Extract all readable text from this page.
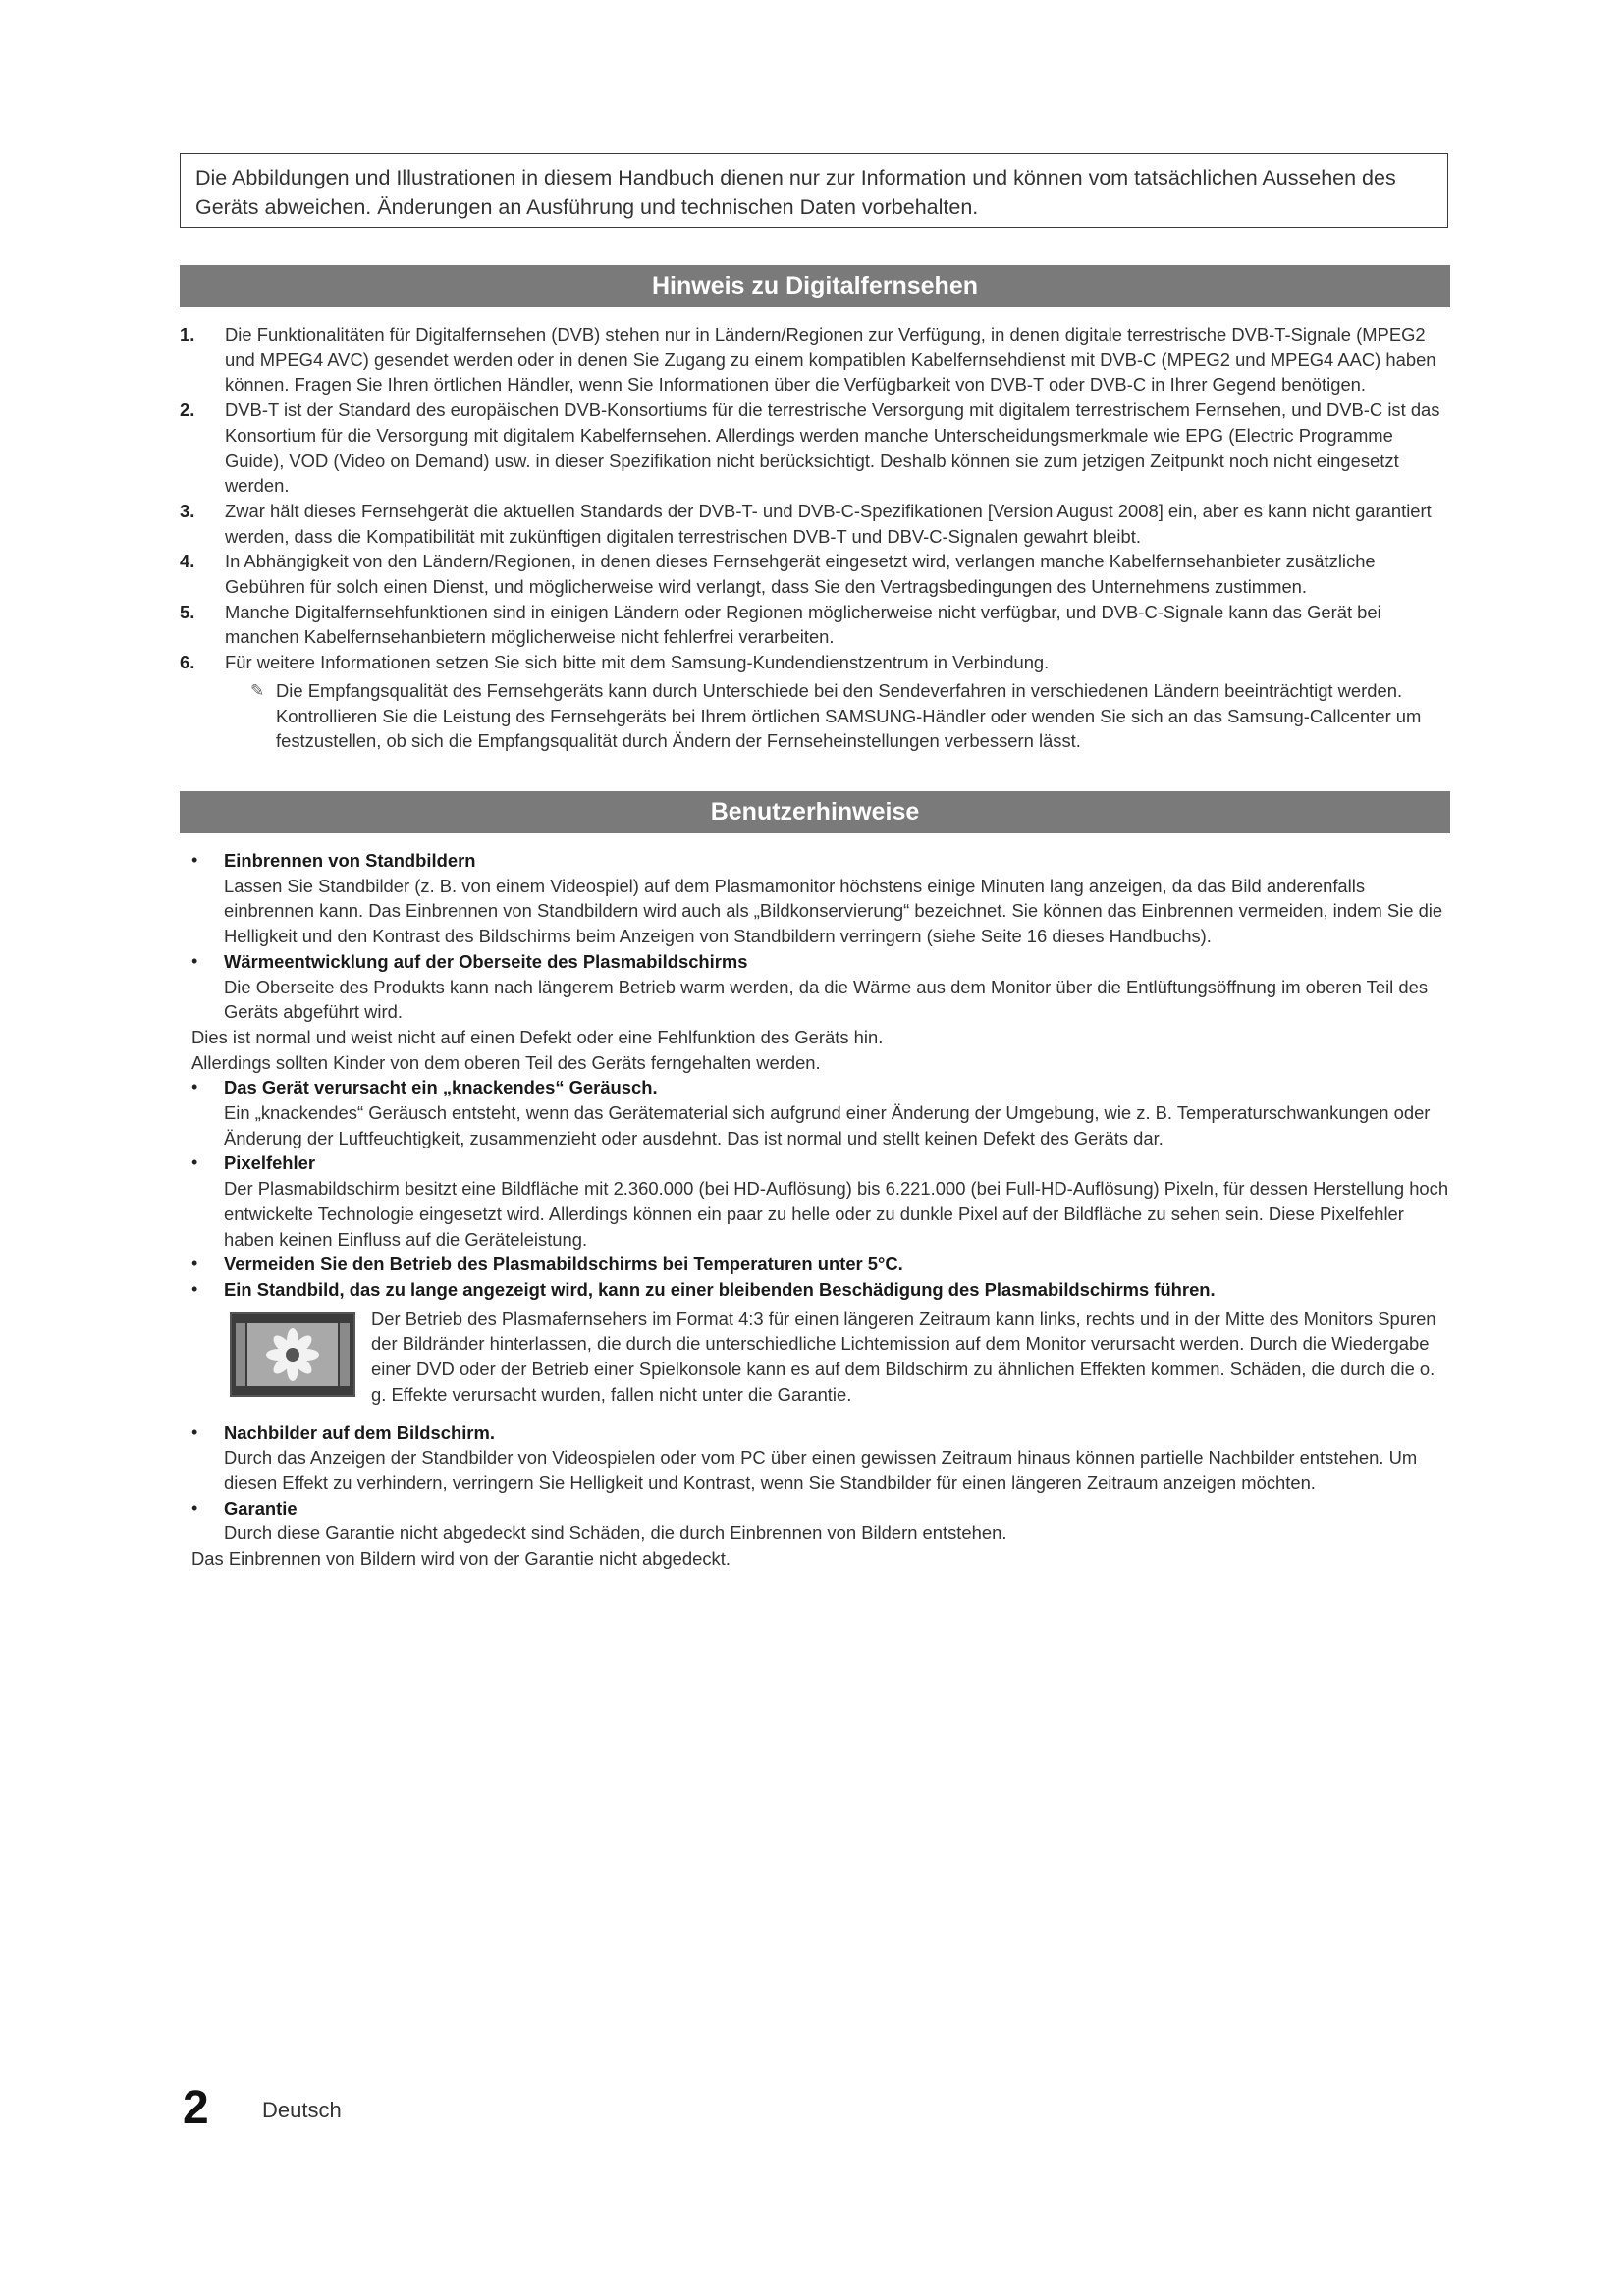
Die Abbildungen und Illustrationen in diesem Handbuch dienen nur zur Information und können vom tatsächlichen Aussehen des Geräts abweichen. Änderungen an Ausführung und technischen Daten vorbehalten.
Hinweis zu Digitalfernsehen
1. Die Funktionalitäten für Digitalfernsehen (DVB) stehen nur in Ländern/Regionen zur Verfügung, in denen digitale terrestrische DVB-T-Signale (MPEG2 und MPEG4 AVC) gesendet werden oder in denen Sie Zugang zu einem kompatiblen Kabelfernsehdienst mit DVB-C (MPEG2 und MPEG4 AAC) haben können. Fragen Sie Ihren örtlichen Händler, wenn Sie Informationen über die Verfügbarkeit von DVB-T oder DVB-C in Ihrer Gegend benötigen.
2. DVB-T ist der Standard des europäischen DVB-Konsortiums für die terrestrische Versorgung mit digitalem terrestrischem Fernsehen, und DVB-C ist das Konsortium für die Versorgung mit digitalem Kabelfernsehen. Allerdings werden manche Unterscheidungsmerkmale wie EPG (Electric Programme Guide), VOD (Video on Demand) usw. in dieser Spezifikation nicht berücksichtigt. Deshalb können sie zum jetzigen Zeitpunkt noch nicht eingesetzt werden.
3. Zwar hält dieses Fernsehgerät die aktuellen Standards der DVB-T- und DVB-C-Spezifikationen [Version August 2008] ein, aber es kann nicht garantiert werden, dass die Kompatibilität mit zukünftigen digitalen terrestrischen DVB-T und DBV-C-Signalen gewahrt bleibt.
4. In Abhängigkeit von den Ländern/Regionen, in denen dieses Fernsehgerät eingesetzt wird, verlangen manche Kabelfernsehanbieter zusätzliche Gebühren für solch einen Dienst, und möglicherweise wird verlangt, dass Sie den Vertragsbedingungen des Unternehmens zustimmen.
5. Manche Digitalfernsehfunktionen sind in einigen Ländern oder Regionen möglicherweise nicht verfügbar, und DVB-C-Signale kann das Gerät bei manchen Kabelfernsehanbietern möglicherweise nicht fehlerfrei verarbeiten.
6. Für weitere Informationen setzen Sie sich bitte mit dem Samsung-Kundendienstzentrum in Verbindung.
✎ Die Empfangsqualität des Fernsehgeräts kann durch Unterschiede bei den Sendeverfahren in verschiedenen Ländern beeinträchtigt werden. Kontrollieren Sie die Leistung des Fernsehgeräts bei Ihrem örtlichen SAMSUNG-Händler oder wenden Sie sich an das Samsung-Callcenter um festzustellen, ob sich die Empfangsqualität durch Ändern der Fernseheinstellungen verbessern lässt.
Benutzerhinweise
• Einbrennen von Standbildern
Lassen Sie Standbilder (z. B. von einem Videospiel) auf dem Plasmamonitor höchstens einige Minuten lang anzeigen, da das Bild anderenfalls einbrennen kann. Das Einbrennen von Standbildern wird auch als „Bildkonservierung“ bezeichnet. Sie können das Einbrennen vermeiden, indem Sie die Helligkeit und den Kontrast des Bildschirms beim Anzeigen von Standbildern verringern (siehe Seite 16 dieses Handbuchs).
• Wärmeentwicklung auf der Oberseite des Plasmabildschirms
Die Oberseite des Produkts kann nach längerem Betrieb warm werden, da die Wärme aus dem Monitor über die Entlüftungsöffnung im oberen Teil des Geräts abgeführt wird.
Dies ist normal und weist nicht auf einen Defekt oder eine Fehlfunktion des Geräts hin.
Allerdings sollten Kinder von dem oberen Teil des Geräts ferngehalten werden.
• Das Gerät verursacht ein „knackendes“ Geräusch.
Ein „knackendes“ Geräusch entsteht, wenn das Gerätematerial sich aufgrund einer Änderung der Umgebung, wie z. B. Temperaturschwankungen oder Änderung der Luftfeuchtigkeit, zusammenzieht oder ausdehnt. Das ist normal und stellt keinen Defekt des Geräts dar.
• Pixelfehler
Der Plasmabildschirm besitzt eine Bildfläche mit 2.360.000 (bei HD-Auflösung) bis 6.221.000 (bei Full-HD-Auflösung) Pixeln, für dessen Herstellung hoch entwickelte Technologie eingesetzt wird. Allerdings können ein paar zu helle oder zu dunkle Pixel auf der Bildfläche zu sehen sein. Diese Pixelfehler haben keinen Einfluss auf die Geräteleistung.
• Vermeiden Sie den Betrieb des Plasmabildschirms bei Temperaturen unter 5°C.
• Ein Standbild, das zu lange angezeigt wird, kann zu einer bleibenden Beschädigung des Plasmabildschirms führen.
Der Betrieb des Plasmafernsehers im Format 4:3 für einen längeren Zeitraum kann links, rechts und in der Mitte des Monitors Spuren der Bildränder hinterlassen, die durch die unterschiedliche Lichtemission auf dem Monitor verursacht werden. Durch die Wiedergabe einer DVD oder der Betrieb einer Spielkonsole kann es auf dem Bildschirm zu ähnlichen Effekten kommen. Schäden, die durch die o. g. Effekte verursacht wurden, fallen nicht unter die Garantie.
• Nachbilder auf dem Bildschirm.
Durch das Anzeigen der Standbilder von Videospielen oder vom PC über einen gewissen Zeitraum hinaus können partielle Nachbilder entstehen. Um diesen Effekt zu verhindern, verringern Sie Helligkeit und Kontrast, wenn Sie Standbilder für einen längeren Zeitraum anzeigen möchten.
• Garantie
Durch diese Garantie nicht abgedeckt sind Schäden, die durch Einbrennen von Bildern entstehen.
Das Einbrennen von Bildern wird von der Garantie nicht abgedeckt.
2 Deutsch
